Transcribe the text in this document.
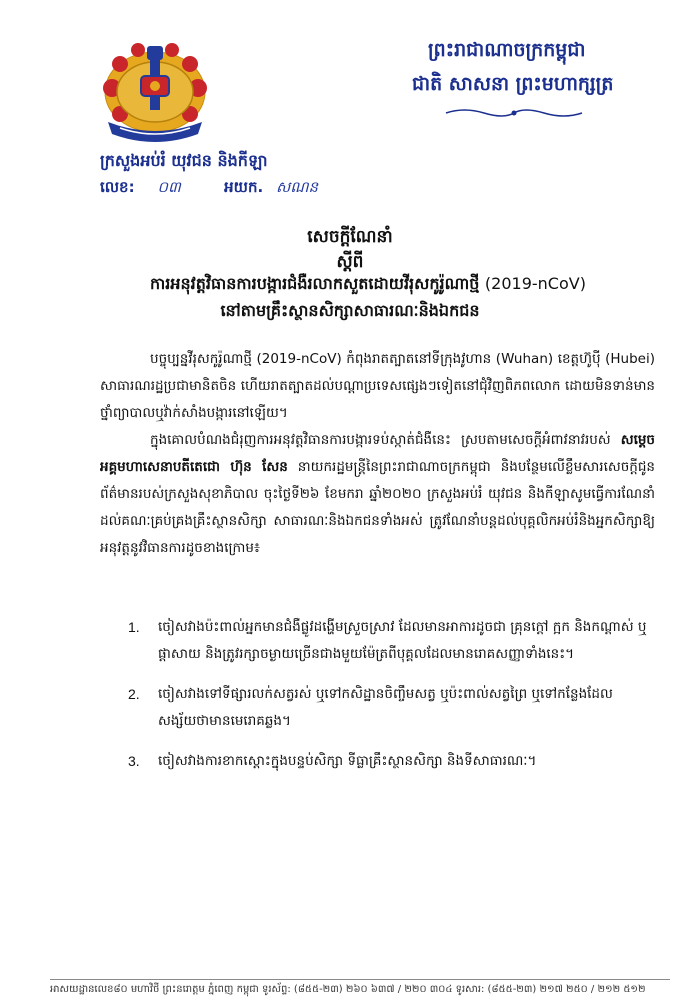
ព្រះរាជាណាចក្រកម្ពុជា
ជាតិ សាសនា ព្រះមហាក្សត្រ
ក្រសួងអប់រំ យុវជន និងកីឡា
លេខ: ០៣	អយក. សណន
សេចក្ដីណែនាំ
ស្ដីពី
ការអនុវត្តវិធានការបង្ការជំងឺរលាកសួតដោយវីរុសកូរ៉ូណាថ្មី (2019-nCoV)
នៅតាមគ្រឹះស្ថានសិក្សាសាធារណៈនិងឯកជន
បច្ចុប្បន្នវីរុសកូរ៉ូណាថ្មី (2019-nCoV) កំពុងរាតត្បាតនៅទីក្រុងវូហាន (Wuhan) ខេត្តហ៊ូប៉ី (Hubei) សាធារណរដ្ឋប្រជាមានិតចិន ហើយរាតត្បាតដល់បណ្ដាប្រទេសផ្សេងៗទៀតនៅជុំវិញពិភពលោក ដោយមិនទាន់មានថ្នាំព្យាបាលឬវ៉ាក់សាំងបង្ការនៅឡើយ។
ក្នុងគោលបំណងជំរុញការអនុវត្តវិធានការបង្ការទប់ស្កាត់ជំងឺនេះ ស្របតាមសេចក្ដីអំពាវនាវរបស់ សម្ដេចអគ្គមហាសេនាបតីតេជោ ហ៊ុន សែន នាយករដ្ឋមន្ត្រីនៃព្រះរាជាណាចក្រកម្ពុជា និងបន្ថែមលើខ្លឹមសារសេចក្ដីជូនព័ត៌មានរបស់ក្រសួងសុខាភិបាល ចុះថ្ងៃទី២៦ ខែមករា ឆ្នាំ២០២០ ក្រសួងអប់រំ យុវជន និងកីឡាសូមធ្វើការណែនាំដល់គណៈគ្រប់គ្រងគ្រឹះស្ថានសិក្សា សាធារណៈនិងឯកជនទាំងអស់ ត្រូវណែនាំបន្តដល់បុគ្គលិកអប់រំនិងអ្នកសិក្សាឱ្យអនុវត្តនូវវិធានការដូចខាងក្រោម៖
1. ចៀសវាងប៉ះពាល់អ្នកមានជំងឺផ្លូវដង្ហើមស្រួចស្រាវ ដែលមានអាការដូចជា គ្រុនក្ដៅ ក្អក និងកណ្ដាស់ ឬផ្ដាសាយ និងត្រូវរក្សាចម្ងាយច្រើនជាងមួយម៉ែត្រពីបុគ្គលដែលមានរោគសញ្ញាទាំងនេះ។
2. ចៀសវាងទៅទីផ្សារលក់សត្វរស់ ឬទៅកសិដ្ឋានចិញ្ចឹមសត្វ ឬប៉ះពាល់សត្វព្រៃ ឬទៅកន្លែងដែលសង្ស័យថាមានមេរោគឆ្លង។
3. ចៀសវាងការខាកស្ដោះក្នុងបន្ទប់សិក្សា ទីធ្លាគ្រឹះស្ថានសិក្សា និងទីសាធារណៈ។
អាសយដ្ឋានលេខ៨០ មហាវិថី ព្រះនរោត្តម ភ្នំពេញ កម្ពុជា ទូរស័ព្ទ: (៨៥៥-២៣) ២៦០ ៦៣៧ / ២២០ ៣០៤ ទូរសារ: (៨៥៥-២៣) ២១៧ ២៥០ / ២១២ ៥១២
